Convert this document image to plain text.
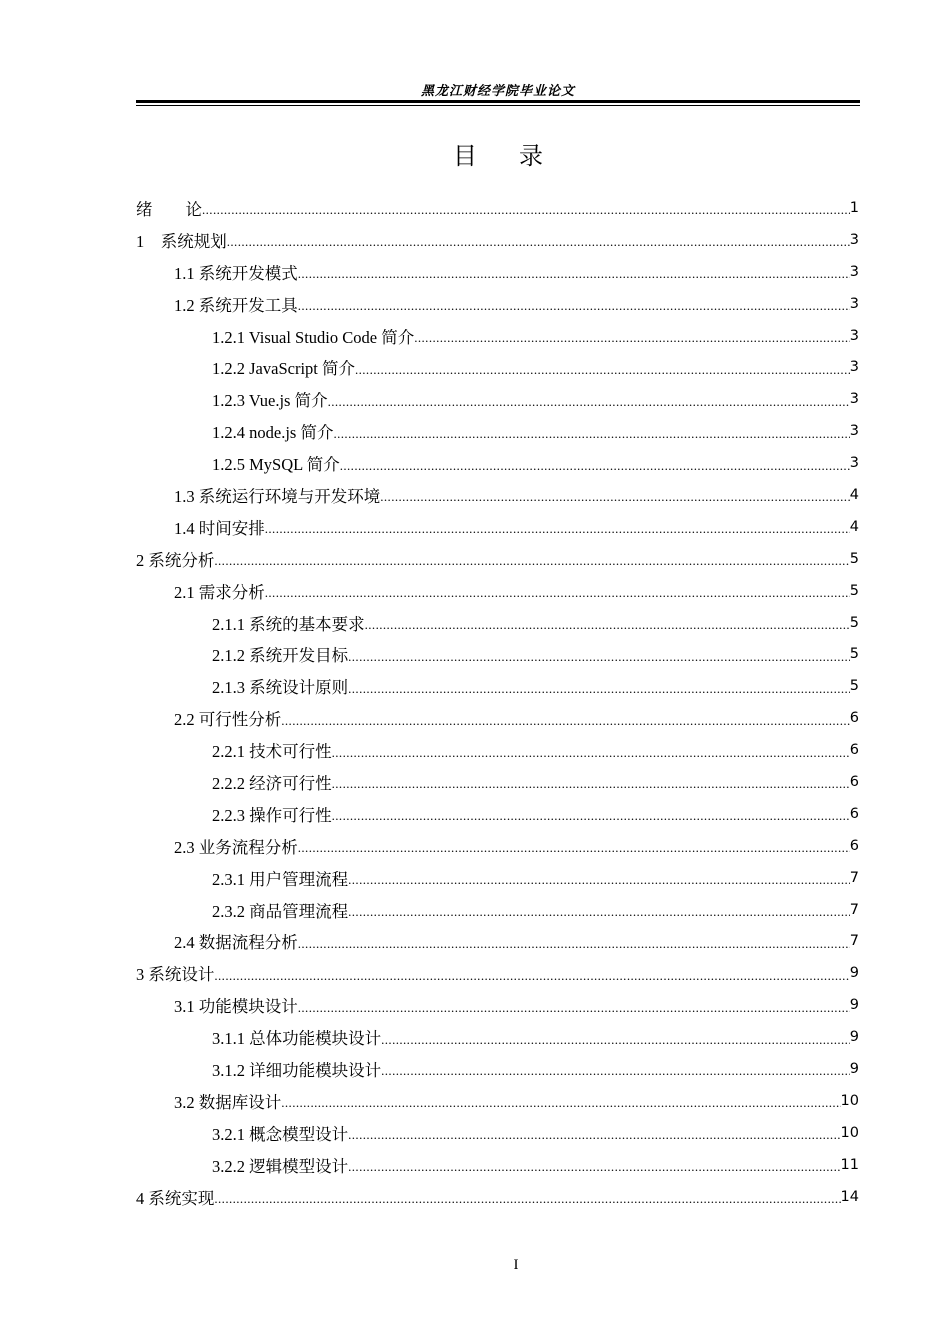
黑龙江财经学院毕业论文
目录
绪　　论 .....	1
1　系统规划 .....	3
1.1 系统开发模式 .....	3
1.2 系统开发工具 .....	3
1.2.1 Visual Studio Code 简介 .....	3
1.2.2 JavaScript 简介 .....	3
1.2.3 Vue.js 简介 .....	3
1.2.4 node.js 简介 .....	3
1.2.5 MySQL 简介 .....	3
1.3 系统运行环境与开发环境 .....	4
1.4 时间安排 .....	4
2 系统分析 .....	5
2.1 需求分析 .....	5
2.1.1 系统的基本要求 .....	5
2.1.2 系统开发目标 .....	5
2.1.3 系统设计原则 .....	5
2.2 可行性分析 .....	6
2.2.1 技术可行性 .....	6
2.2.2 经济可行性 .....	6
2.2.3 操作可行性 .....	6
2.3 业务流程分析 .....	6
2.3.1 用户管理流程 .....	7
2.3.2 商品管理流程 .....	7
2.4 数据流程分析 .....	7
3 系统设计 .....	9
3.1 功能模块设计 .....	9
3.1.1 总体功能模块设计 .....	9
3.1.2 详细功能模块设计 .....	9
3.2 数据库设计 .....	10
3.2.1 概念模型设计 .....	10
3.2.2 逻辑模型设计 .....	11
4 系统实现 .....	14
I
